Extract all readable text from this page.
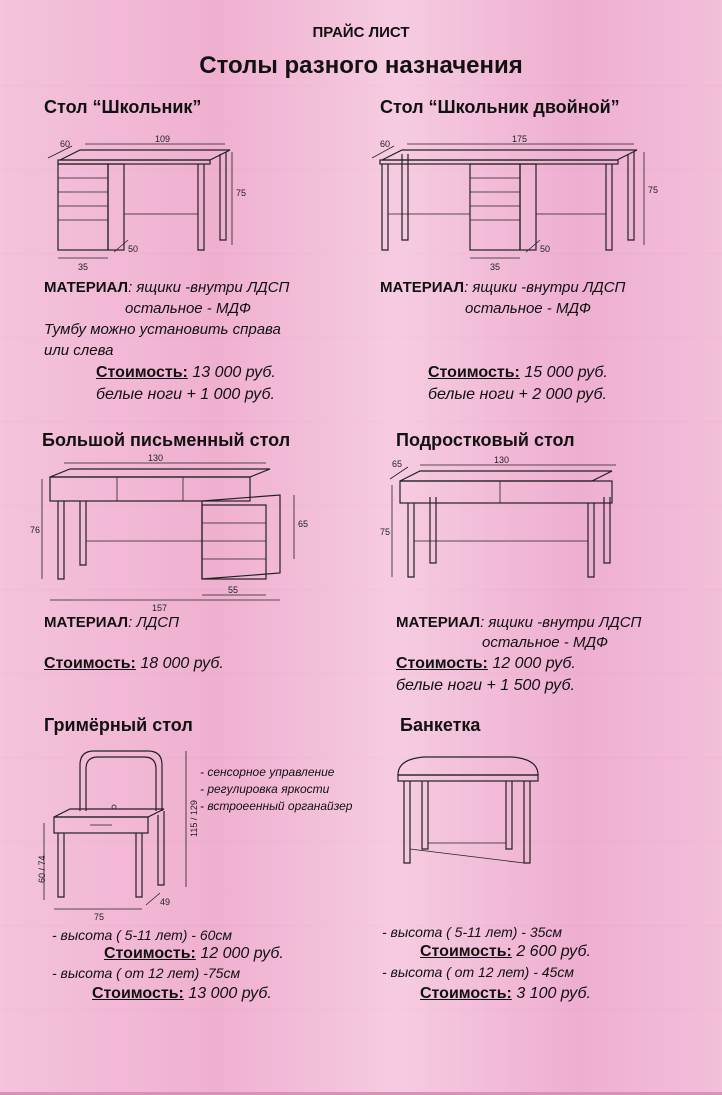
ПРАЙС ЛИСТ
Столы разного назначения
Стол “Школьник”
60	109
75
50
35
МАТЕРИАЛ: ящики -внутри ЛДСП
остальное - МДФ
Тумбу можно установить справа
или слева
Стоимость: 13 000 руб.
белые ноги + 1 000 руб.
Стол “Школьник двойной”
60	175
75
50
35
МАТЕРИАЛ: ящики -внутри ЛДСП
остальное - МДФ
Стоимость: 15 000 руб.
белые ноги + 2 000 руб.
Большой письменный стол
130
76
65
55
157
МАТЕРИАЛ: ЛДСП
Стоимость: 18 000 руб.
Подростковый стол
65	130
75
МАТЕРИАЛ: ящики -внутри ЛДСП
остальное - МДФ
Стоимость: 12 000 руб.
белые ноги + 1 500 руб.
Гримёрный стол
60 / 74
115 / 129
75
49
- сенсорное управление
- регулировка яркости
- встроеенный органайзер
- высота ( 5-11 лет) - 60см
Стоимость: 12 000 руб.
- высота ( от 12 лет) -75см
Стоимость: 13 000 руб.
Банкетка
- высота ( 5-11 лет) - 35см
Стоимость: 2 600 руб.
- высота ( от 12 лет) - 45см
Стоимость: 3 100 руб.
